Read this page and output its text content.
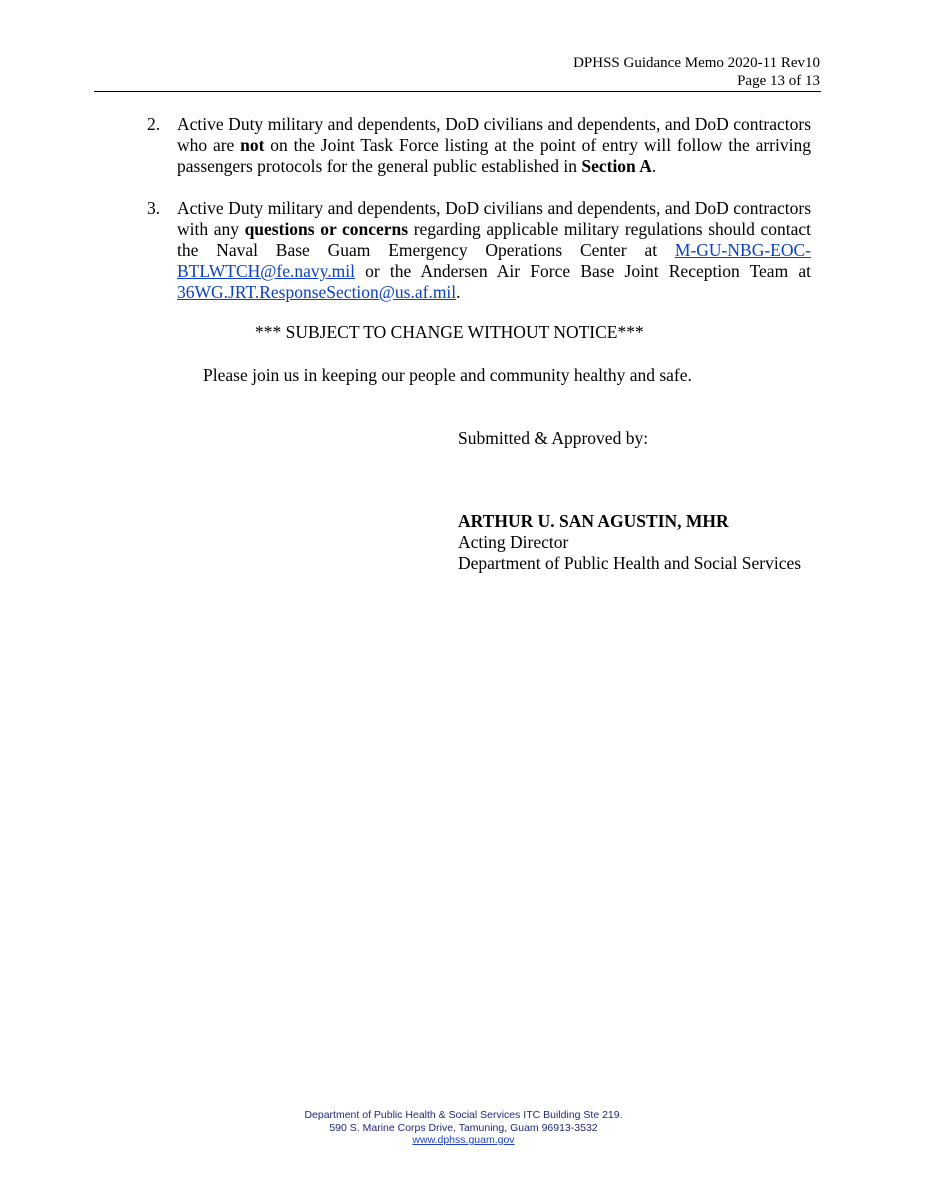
DPHSS Guidance Memo 2020-11 Rev10
Page 13 of 13
2. Active Duty military and dependents, DoD civilians and dependents, and DoD contractors who are not on the Joint Task Force listing at the point of entry will follow the arriving passengers protocols for the general public established in Section A.
3. Active Duty military and dependents, DoD civilians and dependents, and DoD contractors with any questions or concerns regarding applicable military regulations should contact the Naval Base Guam Emergency Operations Center at M-GU-NBG-EOC-BTLWTCH@fe.navy.mil or the Andersen Air Force Base Joint Reception Team at 36WG.JRT.ResponseSection@us.af.mil.
*** SUBJECT TO CHANGE WITHOUT NOTICE***
Please join us in keeping our people and community healthy and safe.
Submitted & Approved by:
ARTHUR U. SAN AGUSTIN, MHR
Acting Director
Department of Public Health and Social Services
Department of Public Health & Social Services ITC Building Ste 219.
590 S. Marine Corps Drive, Tamuning, Guam 96913-3532
www.dphss.guam.gov
